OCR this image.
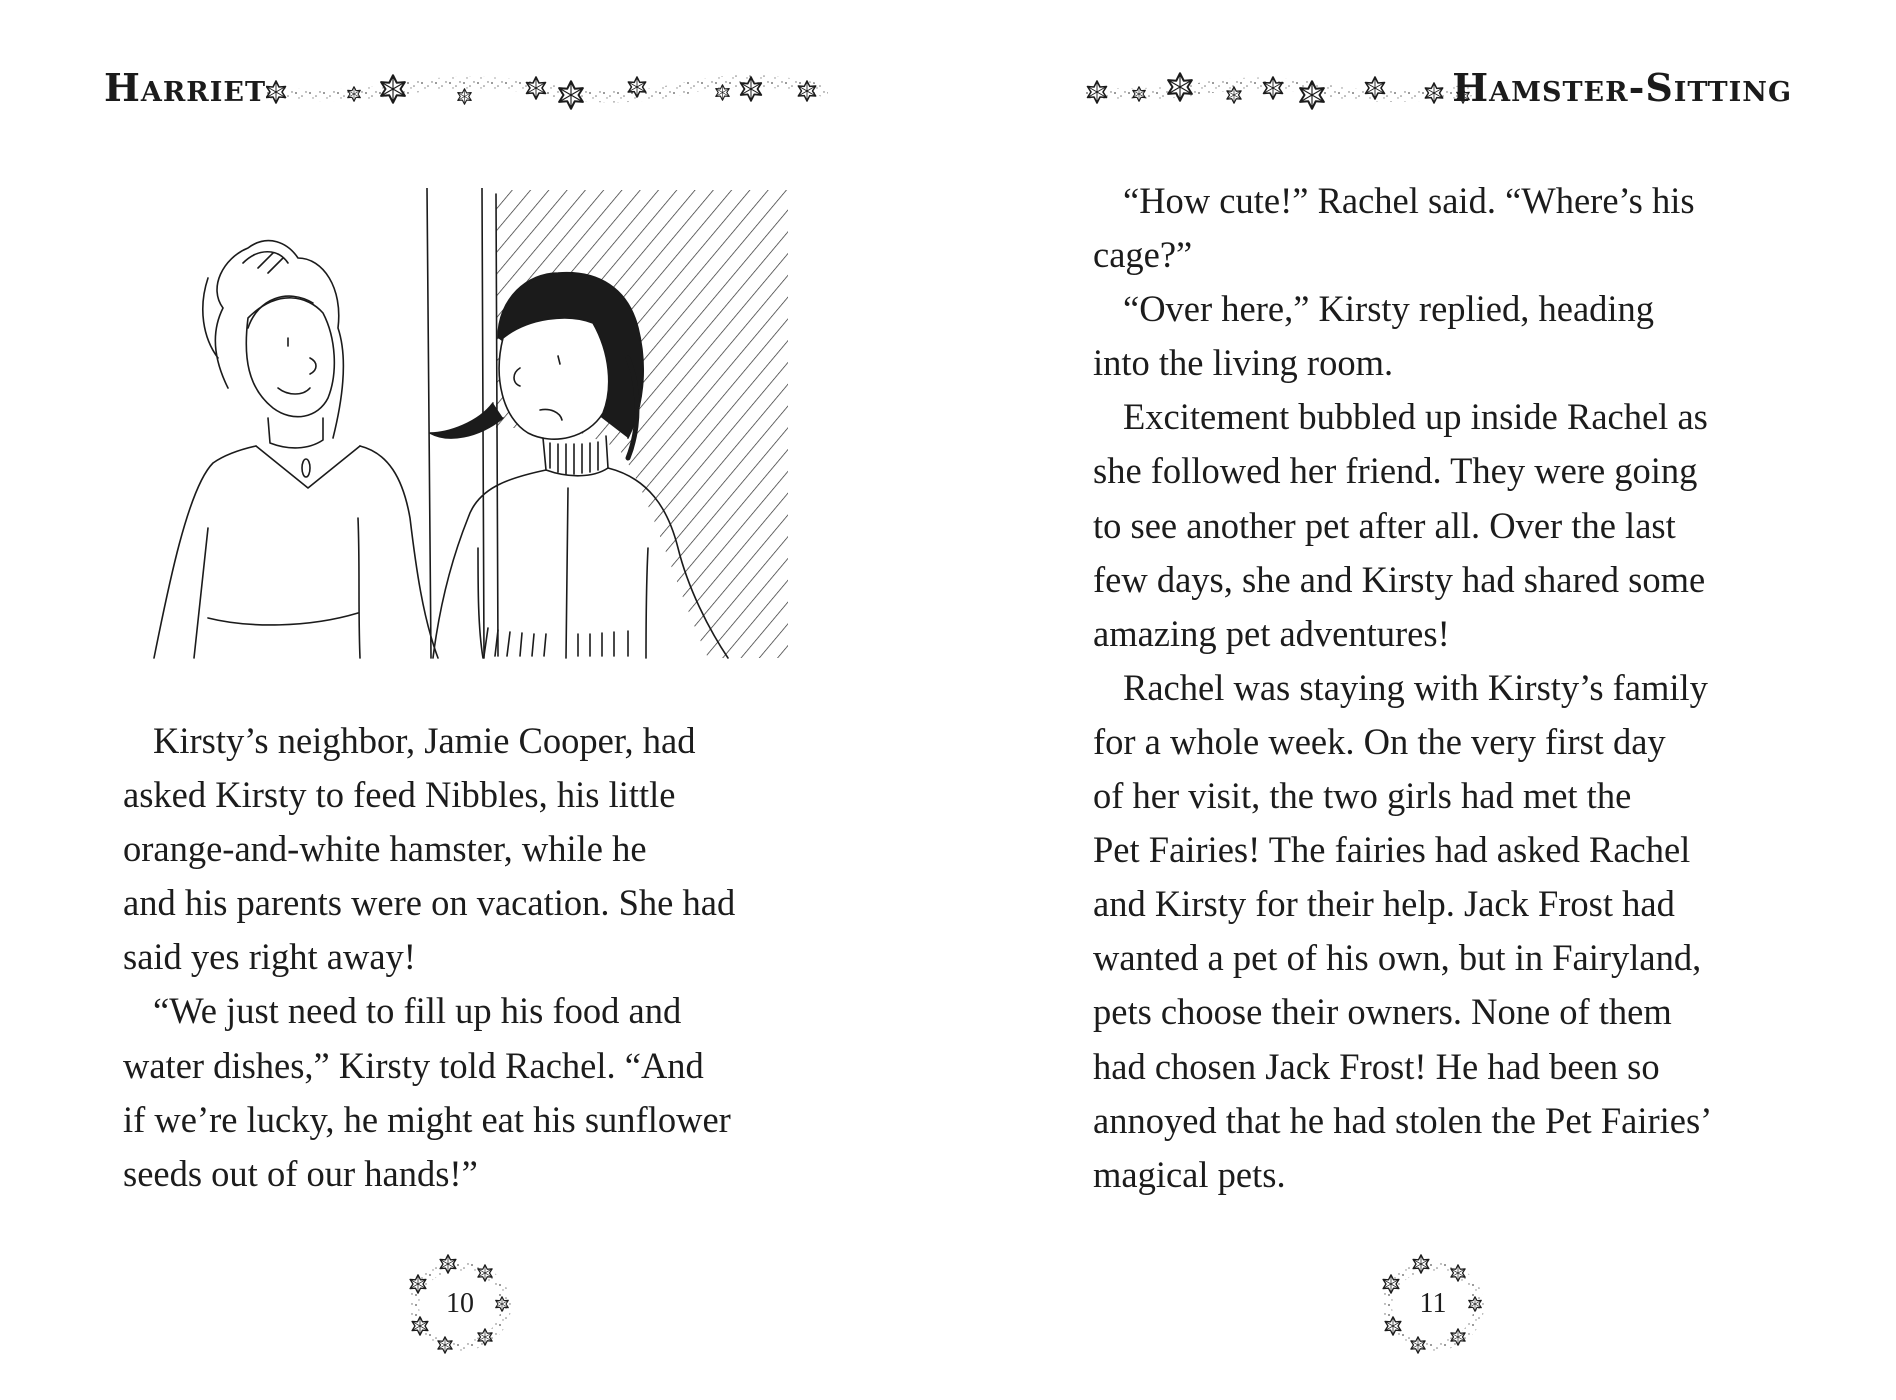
Harriet
Kirsty’s neighbor, Jamie Cooper, had
asked Kirsty to feed Nibbles, his little
orange-and-white hamster, while he
and his parents were on vacation. She had
said yes right away!
“We just need to fill up his food and
water dishes,” Kirsty told Rachel. “And
if we’re lucky, he might eat his sunflower
seeds out of our hands!”
10
Hamster-Sitting
“How cute!” Rachel said. “Where’s his
cage?”
“Over here,” Kirsty replied, heading
into the living room.
Excitement bubbled up inside Rachel as
she followed her friend. They were going
to see another pet after all. Over the last
few days, she and Kirsty had shared some
amazing pet adventures!
Rachel was staying with Kirsty’s family
for a whole week. On the very first day
of her visit, the two girls had met the
Pet Fairies! The fairies had asked Rachel
and Kirsty for their help. Jack Frost had
wanted a pet of his own, but in Fairyland,
pets choose their owners. None of them
had chosen Jack Frost! He had been so
annoyed that he had stolen the Pet Fairies’
magical pets.
11
